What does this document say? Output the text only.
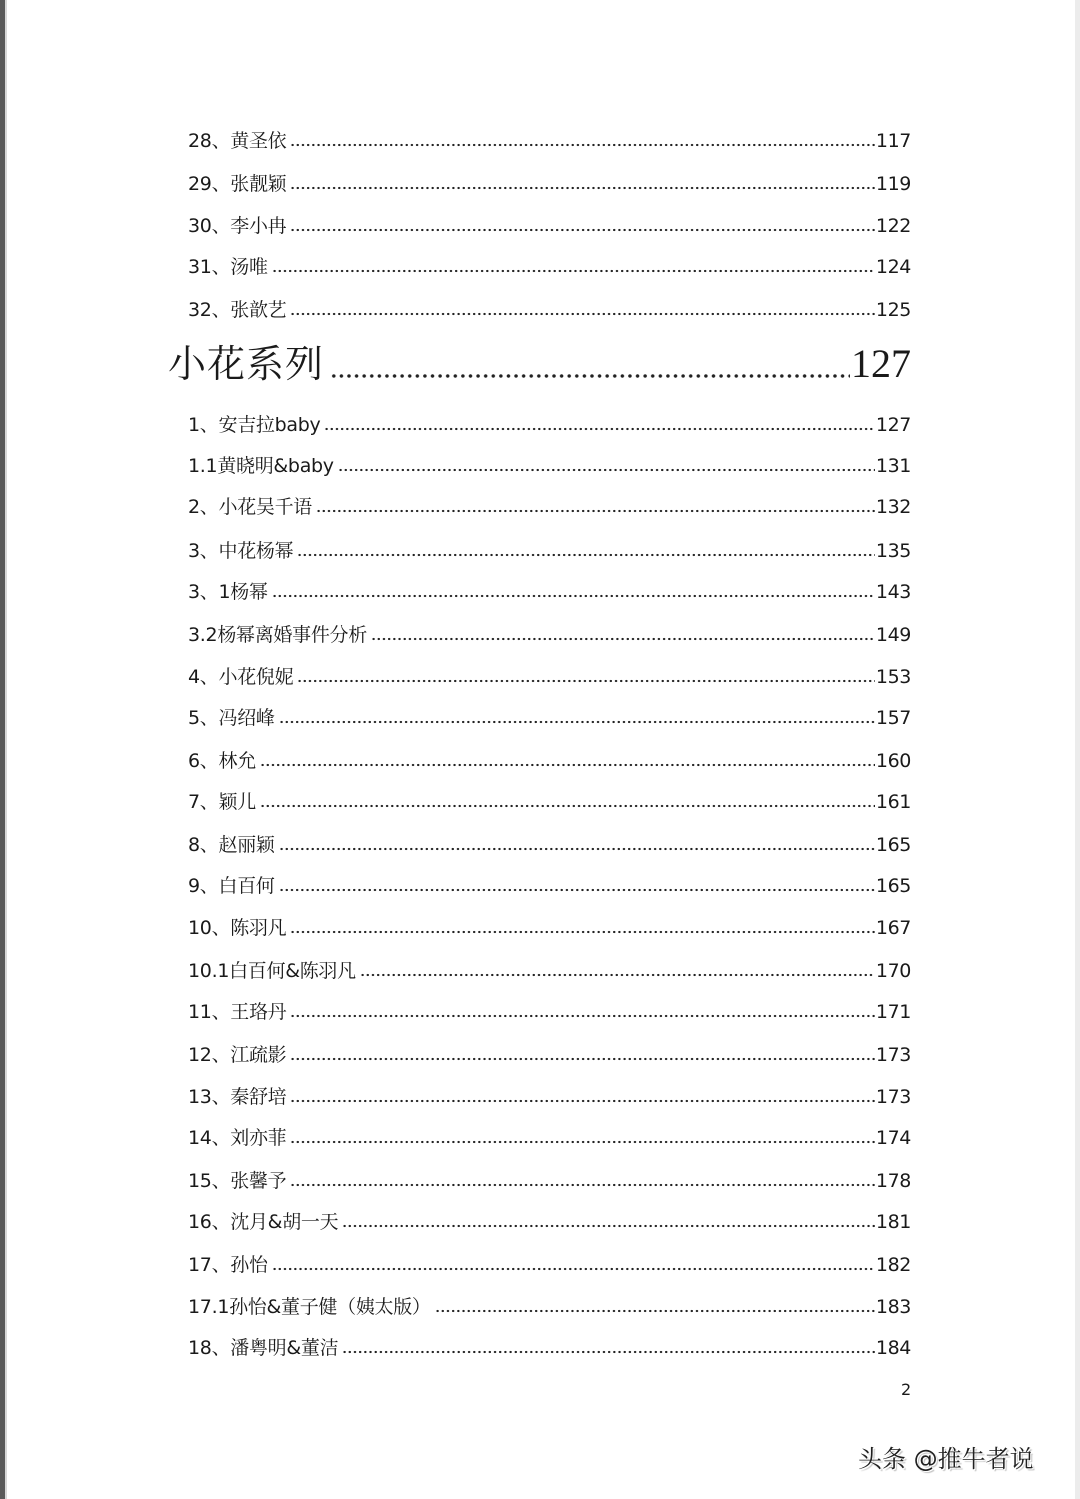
28、黄圣依	117
29、张靓颖	119
30、李小冉	122
31、汤唯	124
32、张歆艺	125
小花系列	127
1、安吉拉baby	127
1.1黄晓明&baby	131
2、小花吴千语	132
3、中花杨幂	135
3、1杨幂	143
3.2杨幂离婚事件分析	149
4、小花倪妮	153
5、冯绍峰	157
6、林允	160
7、颖儿	161
8、赵丽颖	165
9、白百何	165
10、陈羽凡	167
10.1白百何&陈羽凡	170
11、王珞丹	171
12、江疏影	173
13、秦舒培	173
14、刘亦菲	174
15、张馨予	178
16、沈月&胡一天	181
17、孙怡	182
17.1孙怡&董子健（姨太版）	183
18、潘粤明&董洁	184
2
头条 @推牛者说
